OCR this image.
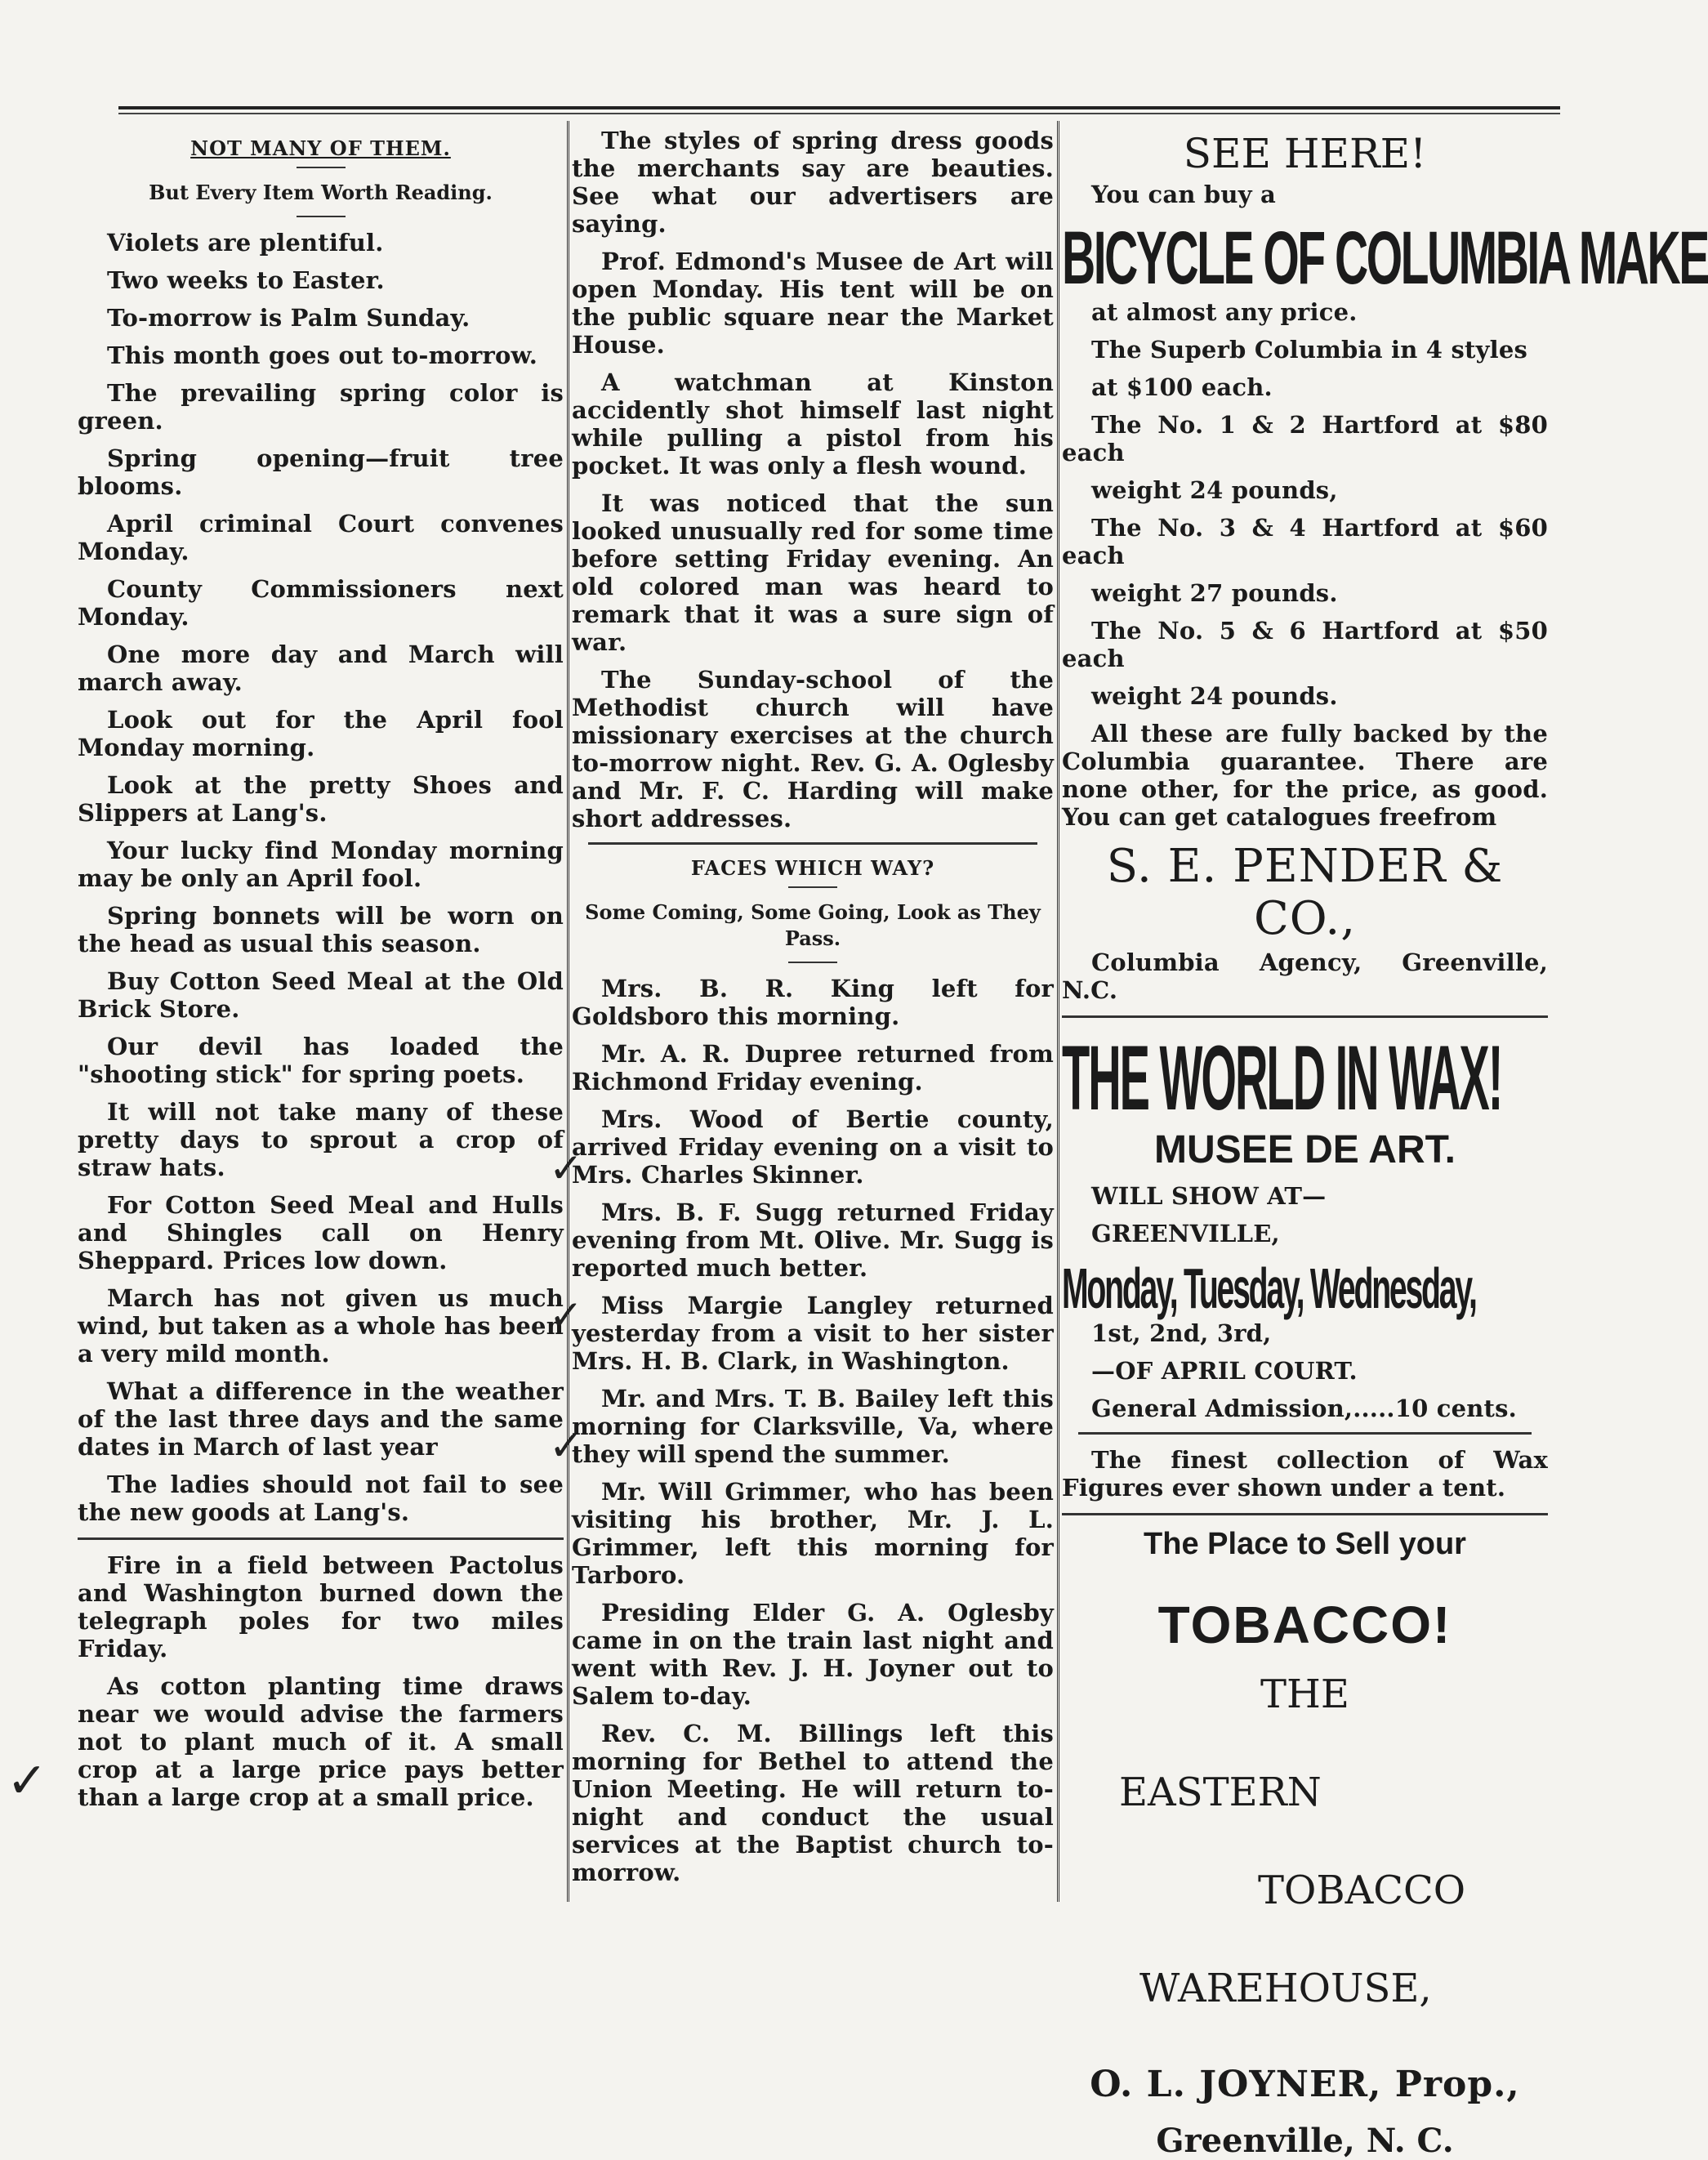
NOT MANY OF THEM.
But Every Item Worth Reading.

Violets are plentiful.

Two weeks to Easter.

To-morrow is Palm Sunday.

This month goes out to-morrow.

The prevailing spring color is green.

Spring opening—fruit tree blooms.

April criminal Court convenes Monday.

County Commissioners next Monday.

One more day and March will march away.

Look out for the April fool Monday morning.

Look at the pretty Shoes and Slippers at Lang's.

Your lucky find Monday morning may be only an April fool.

Spring bonnets will be worn on the head as usual this season.

Buy Cotton Seed Meal at the Old Brick Store.

Our devil has loaded the "shooting stick" for spring poets.

It will not take many of these pretty days to sprout a crop of straw hats.

For Cotton Seed Meal and Hulls and Shingles call on Henry Sheppard. Prices low down.

March has not given us much wind, but taken as a whole has been a very mild month.

What a difference in the weather of the last three days and the same dates in March of last year

The ladies should not fail to see the new goods at Lang's.

Fire in a field between Pactolus and Washington burned down the telegraph poles for two miles Friday.

As cotton planting time draws near we would advise the farmers not to plant much of it. A small crop at a large price pays better than a large crop at a small price.

The styles of spring dress goods the merchants say are beauties. See what our advertisers are saying.

Prof. Edmond's Musee de Art will open Monday. His tent will be on the public square near the Market House.

A watchman at Kinston accidently shot himself last night while pulling a pistol from his pocket. It was only a flesh wound.

It was noticed that the sun looked unusually red for some time before setting Friday evening. An old colored man was heard to remark that it was a sure sign of war.

The Sunday-school of the Methodist church will have missionary exercises at the church to-morrow night. Rev. G. A. Oglesby and Mr. F. C. Harding will make short addresses.

FACES WHICH WAY?
Some Coming, Some Going, Look as They Pass.

Mrs. B. R. King left for Goldsboro this morning.

Mr. A. R. Dupree returned from Richmond Friday evening.

Mrs. Wood of Bertie county, arrived Friday evening on a visit to Mrs. Charles Skinner.

Mrs. B. F. Sugg returned Friday evening from Mt. Olive. Mr. Sugg is reported much better.

Miss Margie Langley returned yesterday from a visit to her sister Mrs. H. B. Clark, in Washington.

Mr. and Mrs. T. B. Bailey left this morning for Clarksville, Va, where they will spend the summer.

Mr. Will Grimmer, who has been visiting his brother, Mr. J. L. Grimmer, left this morning for Tarboro.

Presiding Elder G. A. Oglesby came in on the train last night and went with Rev. J. H. Joyner out to Salem to-day.

Rev. C. M. Billings left this morning for Bethel to attend the Union Meeting. He will return to-night and conduct the usual services at the Baptist church to-morrow.

SEE HERE!

You can buy a

BICYCLE OF COLUMBIA MAKE

at almost any price.

The Superb Columbia in 4 styles

at $100 each.

The No. 1 & 2 Hartford at $80 each

weight 24 pounds,

The No. 3 & 4 Hartford at $60 each

weight 27 pounds.

The No. 5 & 6 Hartford at $50 each

weight 24 pounds.

All these are fully backed by the Columbia guarantee. There are none other, for the price, as good. You can get catalogues freefrom

S. E. PENDER & CO.,

Columbia Agency, Greenville, N.C.

THE WORLD IN WAX!
MUSEE DE ART.

WILL SHOW AT—

GREENVILLE,

Monday, Tuesday, Wednesday,

1st, 2nd, 3rd,

—OF APRIL COURT.

General Admission,.....10 cents.

The finest collection of Wax Figures ever shown under a tent.

The Place to Sell your
TOBACCO!
THE
EASTERN
TOBACCO
WAREHOUSE,
O. L. JOYNER, Prop.,
Greenville, N. C.
✓
✓
✓
✓
